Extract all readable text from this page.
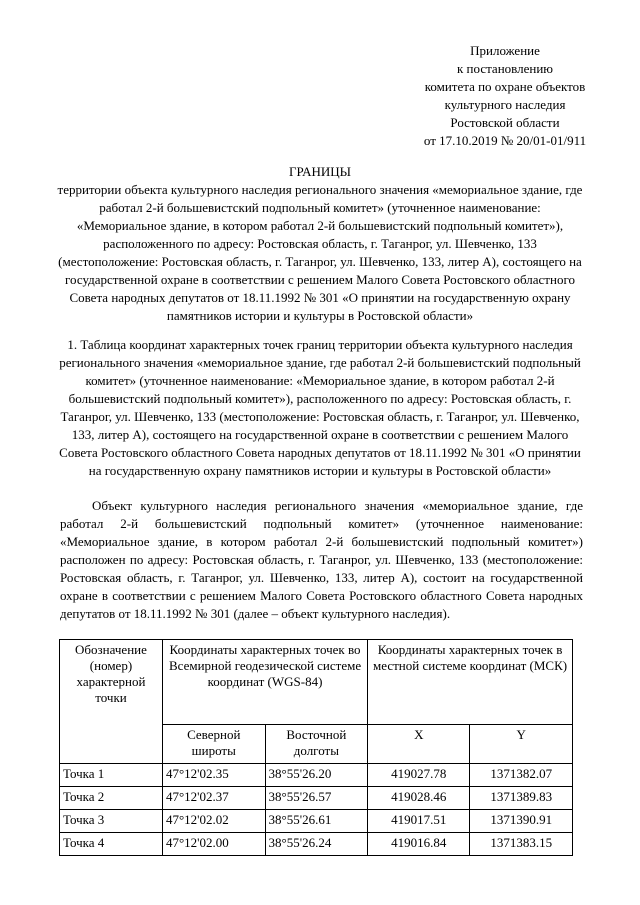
Приложение
к постановлению
комитета по охране объектов
культурного наследия
Ростовской области
от 17.10.2019 № 20/01-01/911
ГРАНИЦЫ
территории объекта культурного наследия регионального значения «мемориальное здание, где работал 2-й большевистский подпольный комитет» (уточненное наименование: «Мемориальное здание, в котором работал 2-й большевистский подпольный комитет»), расположенного по адресу: Ростовская область, г. Таганрог, ул. Шевченко, 133 (местоположение: Ростовская область, г. Таганрог, ул. Шевченко, 133, литер А), состоящего на государственной охране в соответствии с решением Малого Совета Ростовского областного Совета народных депутатов от 18.11.1992 № 301 «О принятии на государственную охрану памятников истории и культуры в Ростовской области»
1. Таблица координат характерных точек границ территории объекта культурного наследия регионального значения «мемориальное здание, где работал 2-й большевистский подпольный комитет» (уточненное наименование: «Мемориальное здание, в котором работал 2-й большевистский подпольный комитет»), расположенного по адресу: Ростовская область, г. Таганрог, ул. Шевченко, 133 (местоположение: Ростовская область, г. Таганрог, ул. Шевченко, 133, литер А), состоящего на государственной охране в соответствии с решением Малого Совета Ростовского областного Совета народных депутатов от 18.11.1992 № 301 «О принятии на государственную охрану памятников истории и культуры в Ростовской области»
Объект культурного наследия регионального значения «мемориальное здание, где работал 2-й большевистский подпольный комитет» (уточненное наименование: «Мемориальное здание, в котором работал 2-й большевистский подпольный комитет») расположен по адресу: Ростовская область, г. Таганрог, ул. Шевченко, 133 (местоположение: Ростовская область, г. Таганрог, ул. Шевченко, 133, литер А), состоит на государственной охране в соответствии с решением Малого Совета Ростовского областного Совета народных депутатов от 18.11.1992 № 301 (далее – объект культурного наследия).
Обозначение (номер) характерной точки	Координаты характерных точек во Всемирной геодезической системе координат (WGS-84)		Координаты характерных точек в местной системе координат (МСК)	
	Северной широты	Восточной долготы	X	Y
Точка 1	47°12'02.35	38°55'26.20	419027.78	1371382.07
Точка 2	47°12'02.37	38°55'26.57	419028.46	1371389.83
Точка 3	47°12'02.02	38°55'26.61	419017.51	1371390.91
Точка 4	47°12'02.00	38°55'26.24	419016.84	1371383.15
